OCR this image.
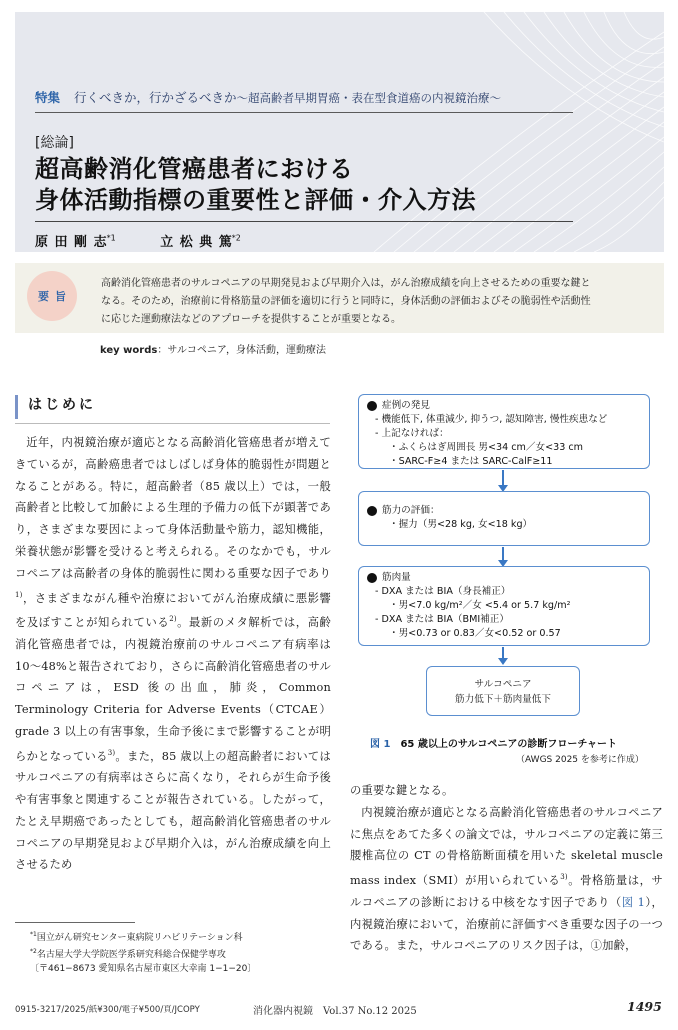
特集 行くべきか，行かざるべきか〜超高齢者早期胃癌・表在型食道癌の内視鏡治療〜
[総論]
超高齢消化管癌患者における
身体活動指標の重要性と評価・介入方法
原 田 剛 志$^{*1}$	立 松 典 篤$^{*2}$
要旨
高齢消化管癌患者のサルコペニアの早期発見および早期介入は，がん治療成績を向上させるための重要な鍵と
なる。そのため，治療前に骨格筋量の評価を適切に行うと同時に，身体活動の評価およびその脆弱性や活動性
に応じた運動療法などのアプローチを提供することが重要となる。
key words：サルコペニア，身体活動，運動療法
はじめに
近年，内視鏡治療が適応となる高齢消化管癌患者が増えてきているが，高齢癌患者ではしばしば身体的脆弱性が問題となることがある。特に，超高齢者（85 歳以上）では，一般高齢者と比較して加齢による生理的予備力の低下が顕著であり，さまざまな要因によって身体活動量や筋力，認知機能，栄養状態が影響を受けると考えられる。そのなかでも，サルコペニアは高齢者の身体的脆弱性に関わる重要な因子であり$^{1)}$，さまざまながん種や治療においてがん治療成績に悪影響を及ぼすことが知られている$^{2)}$。最新のメタ解析では，高齢消化管癌患者では，内視鏡治療前のサルコペニア有病率は 10〜48%と報告されており，さらに高齢消化管癌患者のサルコペニアは，ESD 後の出血，肺炎，Common Terminology Criteria for Adverse Events（CTCAE）grade 3 以上の有害事象，生命予後にまで影響することが明らかとなっている$^{3)}$。また，85 歳以上の超高齢者においてはサルコペニアの有病率はさらに高くなり，それらが生命予後や有害事象と関連することが報告されている。したがって，たとえ早期癌であったとしても，超高齢消化管癌患者のサルコペニアの早期発見および早期介入は，がん治療成績を向上させるため
$^{*1}$国立がん研究センター東病院リハビリテーション科
$^{*2}$名古屋大学大学院医学系研究科総合保健学専攻
〔〒461−8673 愛知県名古屋市東区大幸南 1−1−20〕
症例の発見
- 機能低下, 体重減少, 抑うつ, 認知障害, 慢性疾患など
- 上記なければ：
・ふくらはぎ周囲長 男<34 cm／女<33 cm
・SARC-F≥4 または SARC-CalF≥11
筋力の評価：
・握力（男<28 kg, 女<18 kg）
筋肉量
- DXA または BIA（身長補正）
・男<7.0 kg/m²／女 <5.4 or 5.7 kg/m²
- DXA または BIA（BMI補正）
・男<0.73 or 0.83／女<0.52 or 0.57
サルコペニア
筋力低下＋筋肉量低下
図 1 65 歳以上のサルコペニアの診断フローチャート
（AWGS 2025 を参考に作成）
の重要な鍵となる。
内視鏡治療が適応となる高齢消化管癌患者のサルコペニアに焦点をあてた多くの論文では，サルコペニアの定義に第三腰椎高位の CT の骨格筋断面積を用いた skeletal muscle mass index（SMI）が用いられている$^{3)}$。骨格筋量は，サルコペニアの診断における中核をなす因子であり（図 1），内視鏡治療において，治療前に評価すべき重要な因子の一つである。また，サルコペニアのリスク因子は，①加齢，
0915-3217/2025/紙¥300/電子¥500/頁/JCOPY	消化器内視鏡　Vol.37 No.12 2025	1495
